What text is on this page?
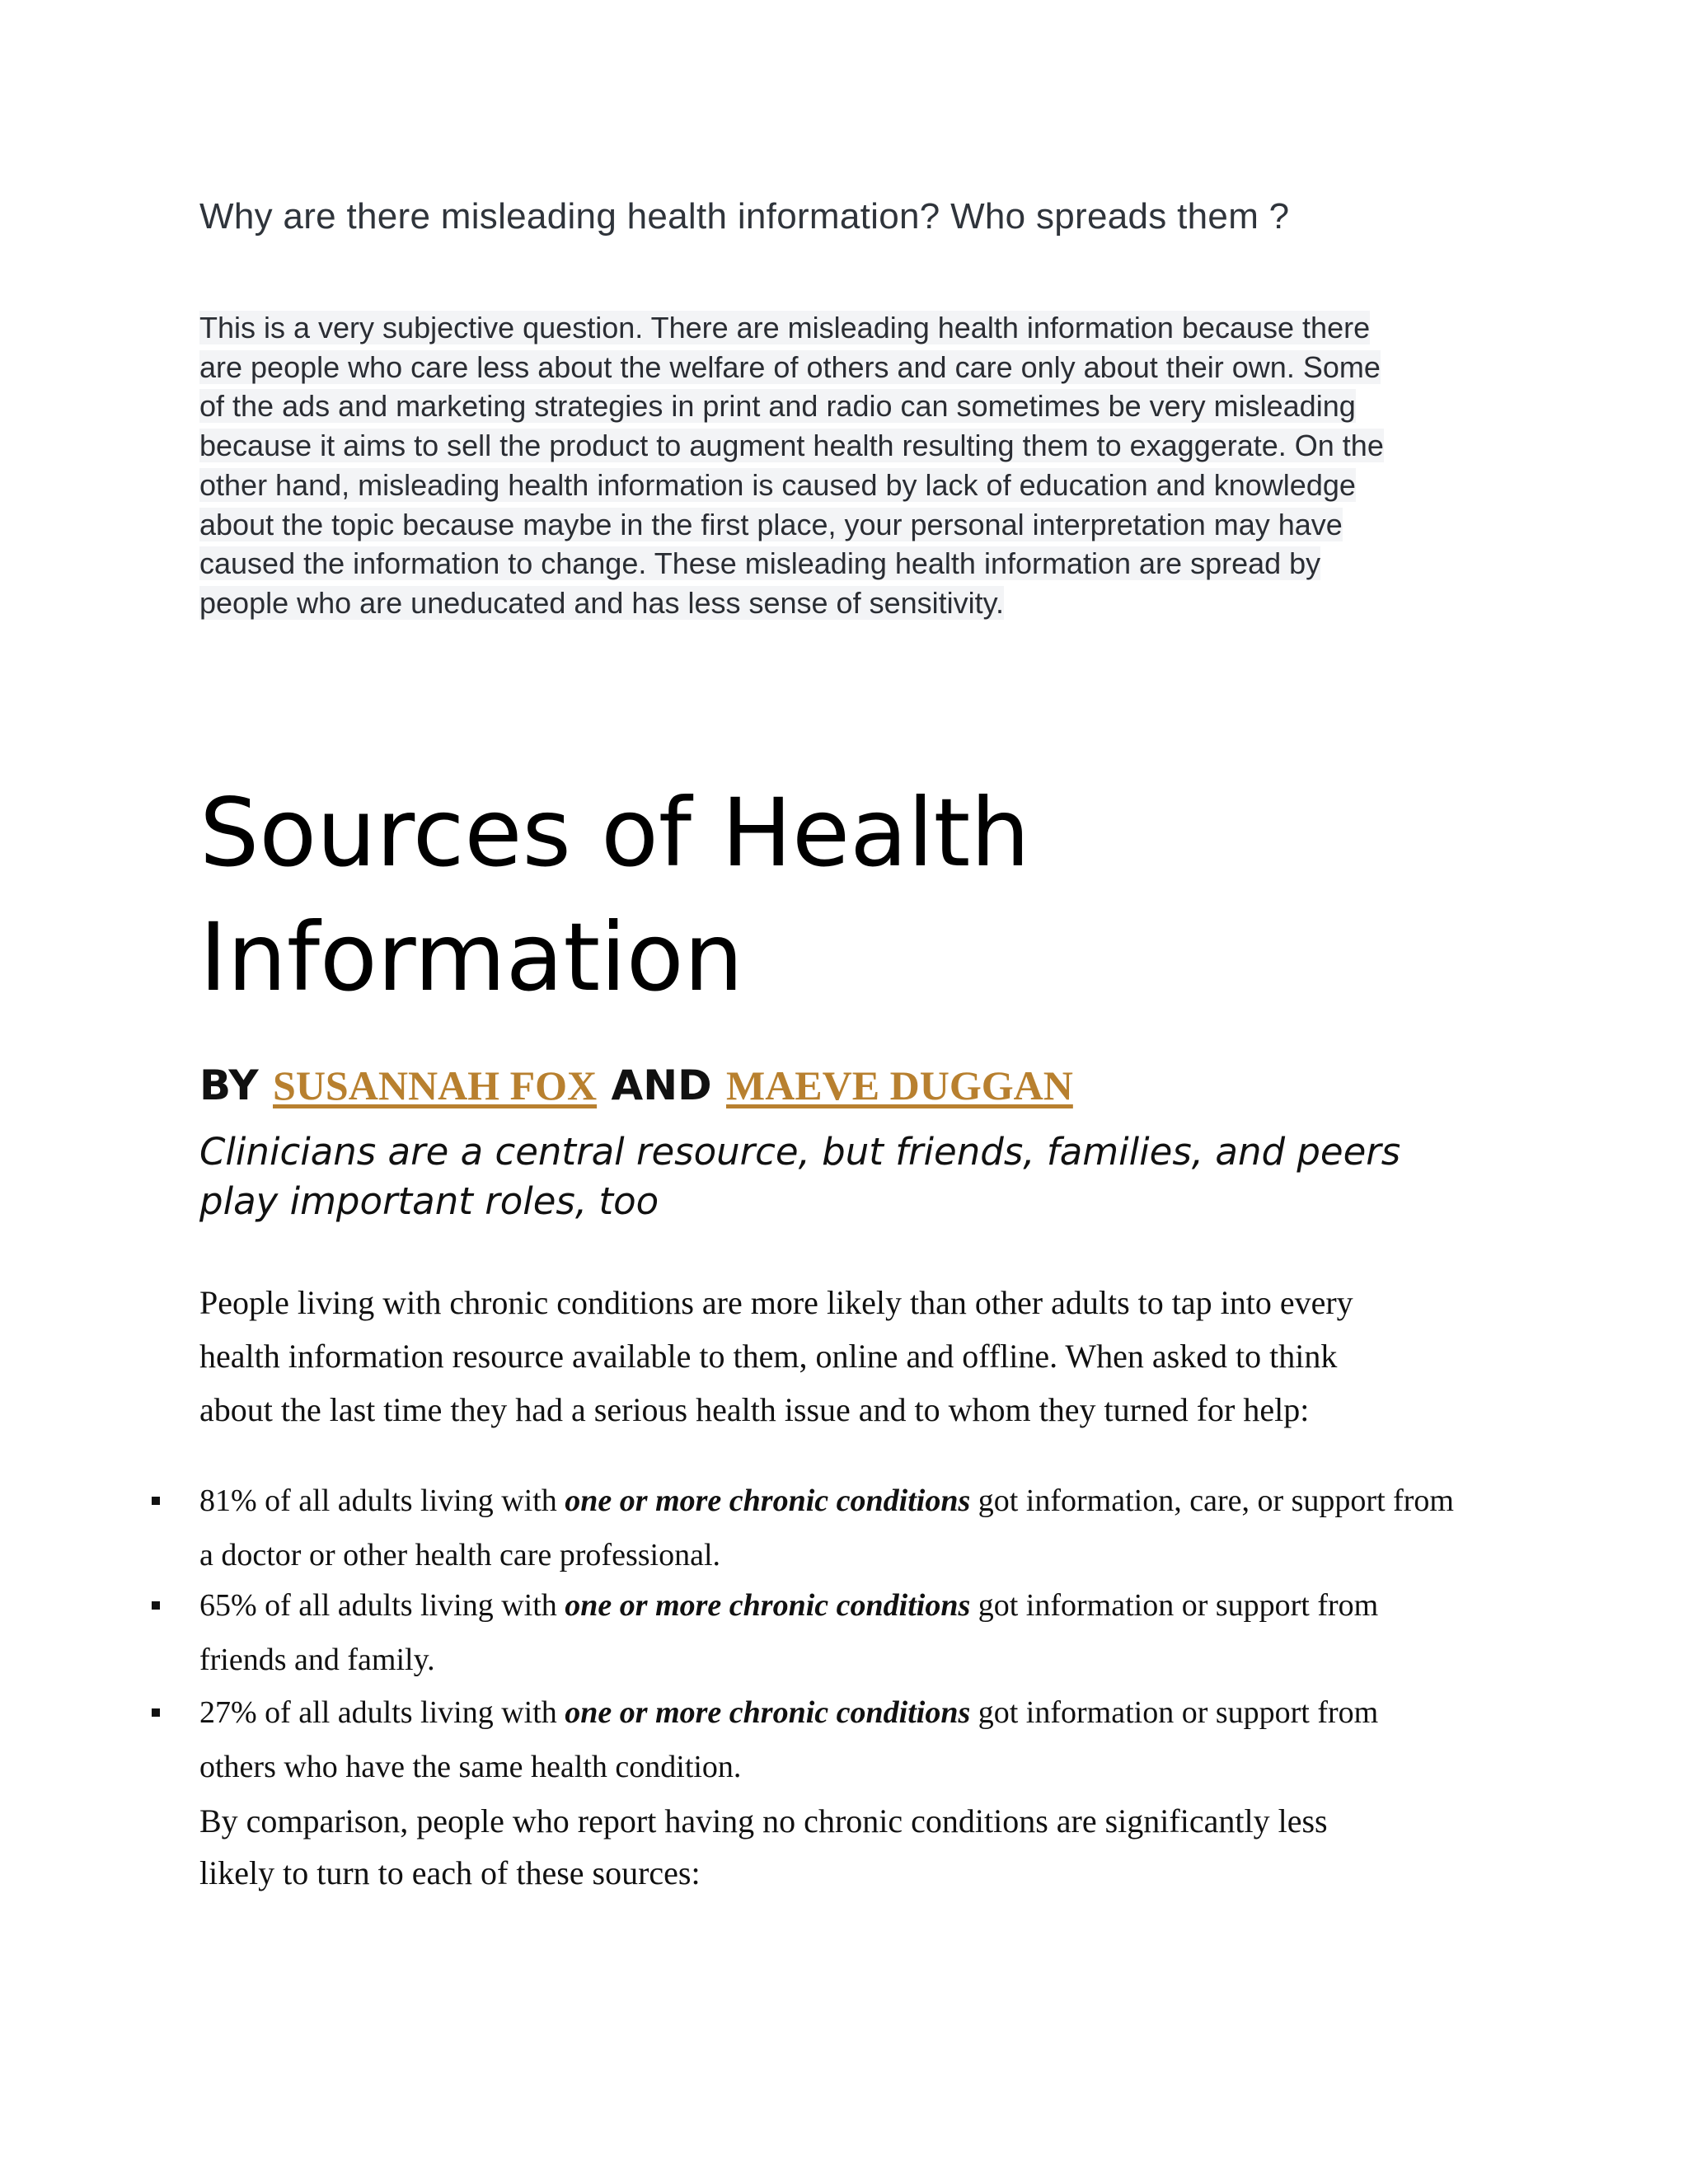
Why are there misleading health information? Who spreads them ?
This is a very subjective question. There are misleading health information because there
are people who care less about the welfare of others and care only about their own. Some
of the ads and marketing strategies in print and radio can sometimes be very misleading
because it aims to sell the product to augment health resulting them to exaggerate. On the
other hand, misleading health information is caused by lack of education and knowledge
about the topic because maybe in the first place, your personal interpretation may have
caused the information to change. These misleading health information are spread by
people who are uneducated and has less sense of sensitivity.
Sources of Health
Information
BY SUSANNAH FOX AND MAEVE DUGGAN
Clinicians are a central resource, but friends, families, and peers
play important roles, too
People living with chronic conditions are more likely than other adults to tap into every
health information resource available to them, online and offline. When asked to think
about the last time they had a serious health issue and to whom they turned for help:
81% of all adults living with one or more chronic conditions got information, care, or support from
a doctor or other health care professional.
65% of all adults living with one or more chronic conditions got information or support from
friends and family.
27% of all adults living with one or more chronic conditions got information or support from
others who have the same health condition.
By comparison, people who report having no chronic conditions are significantly less
likely to turn to each of these sources:
